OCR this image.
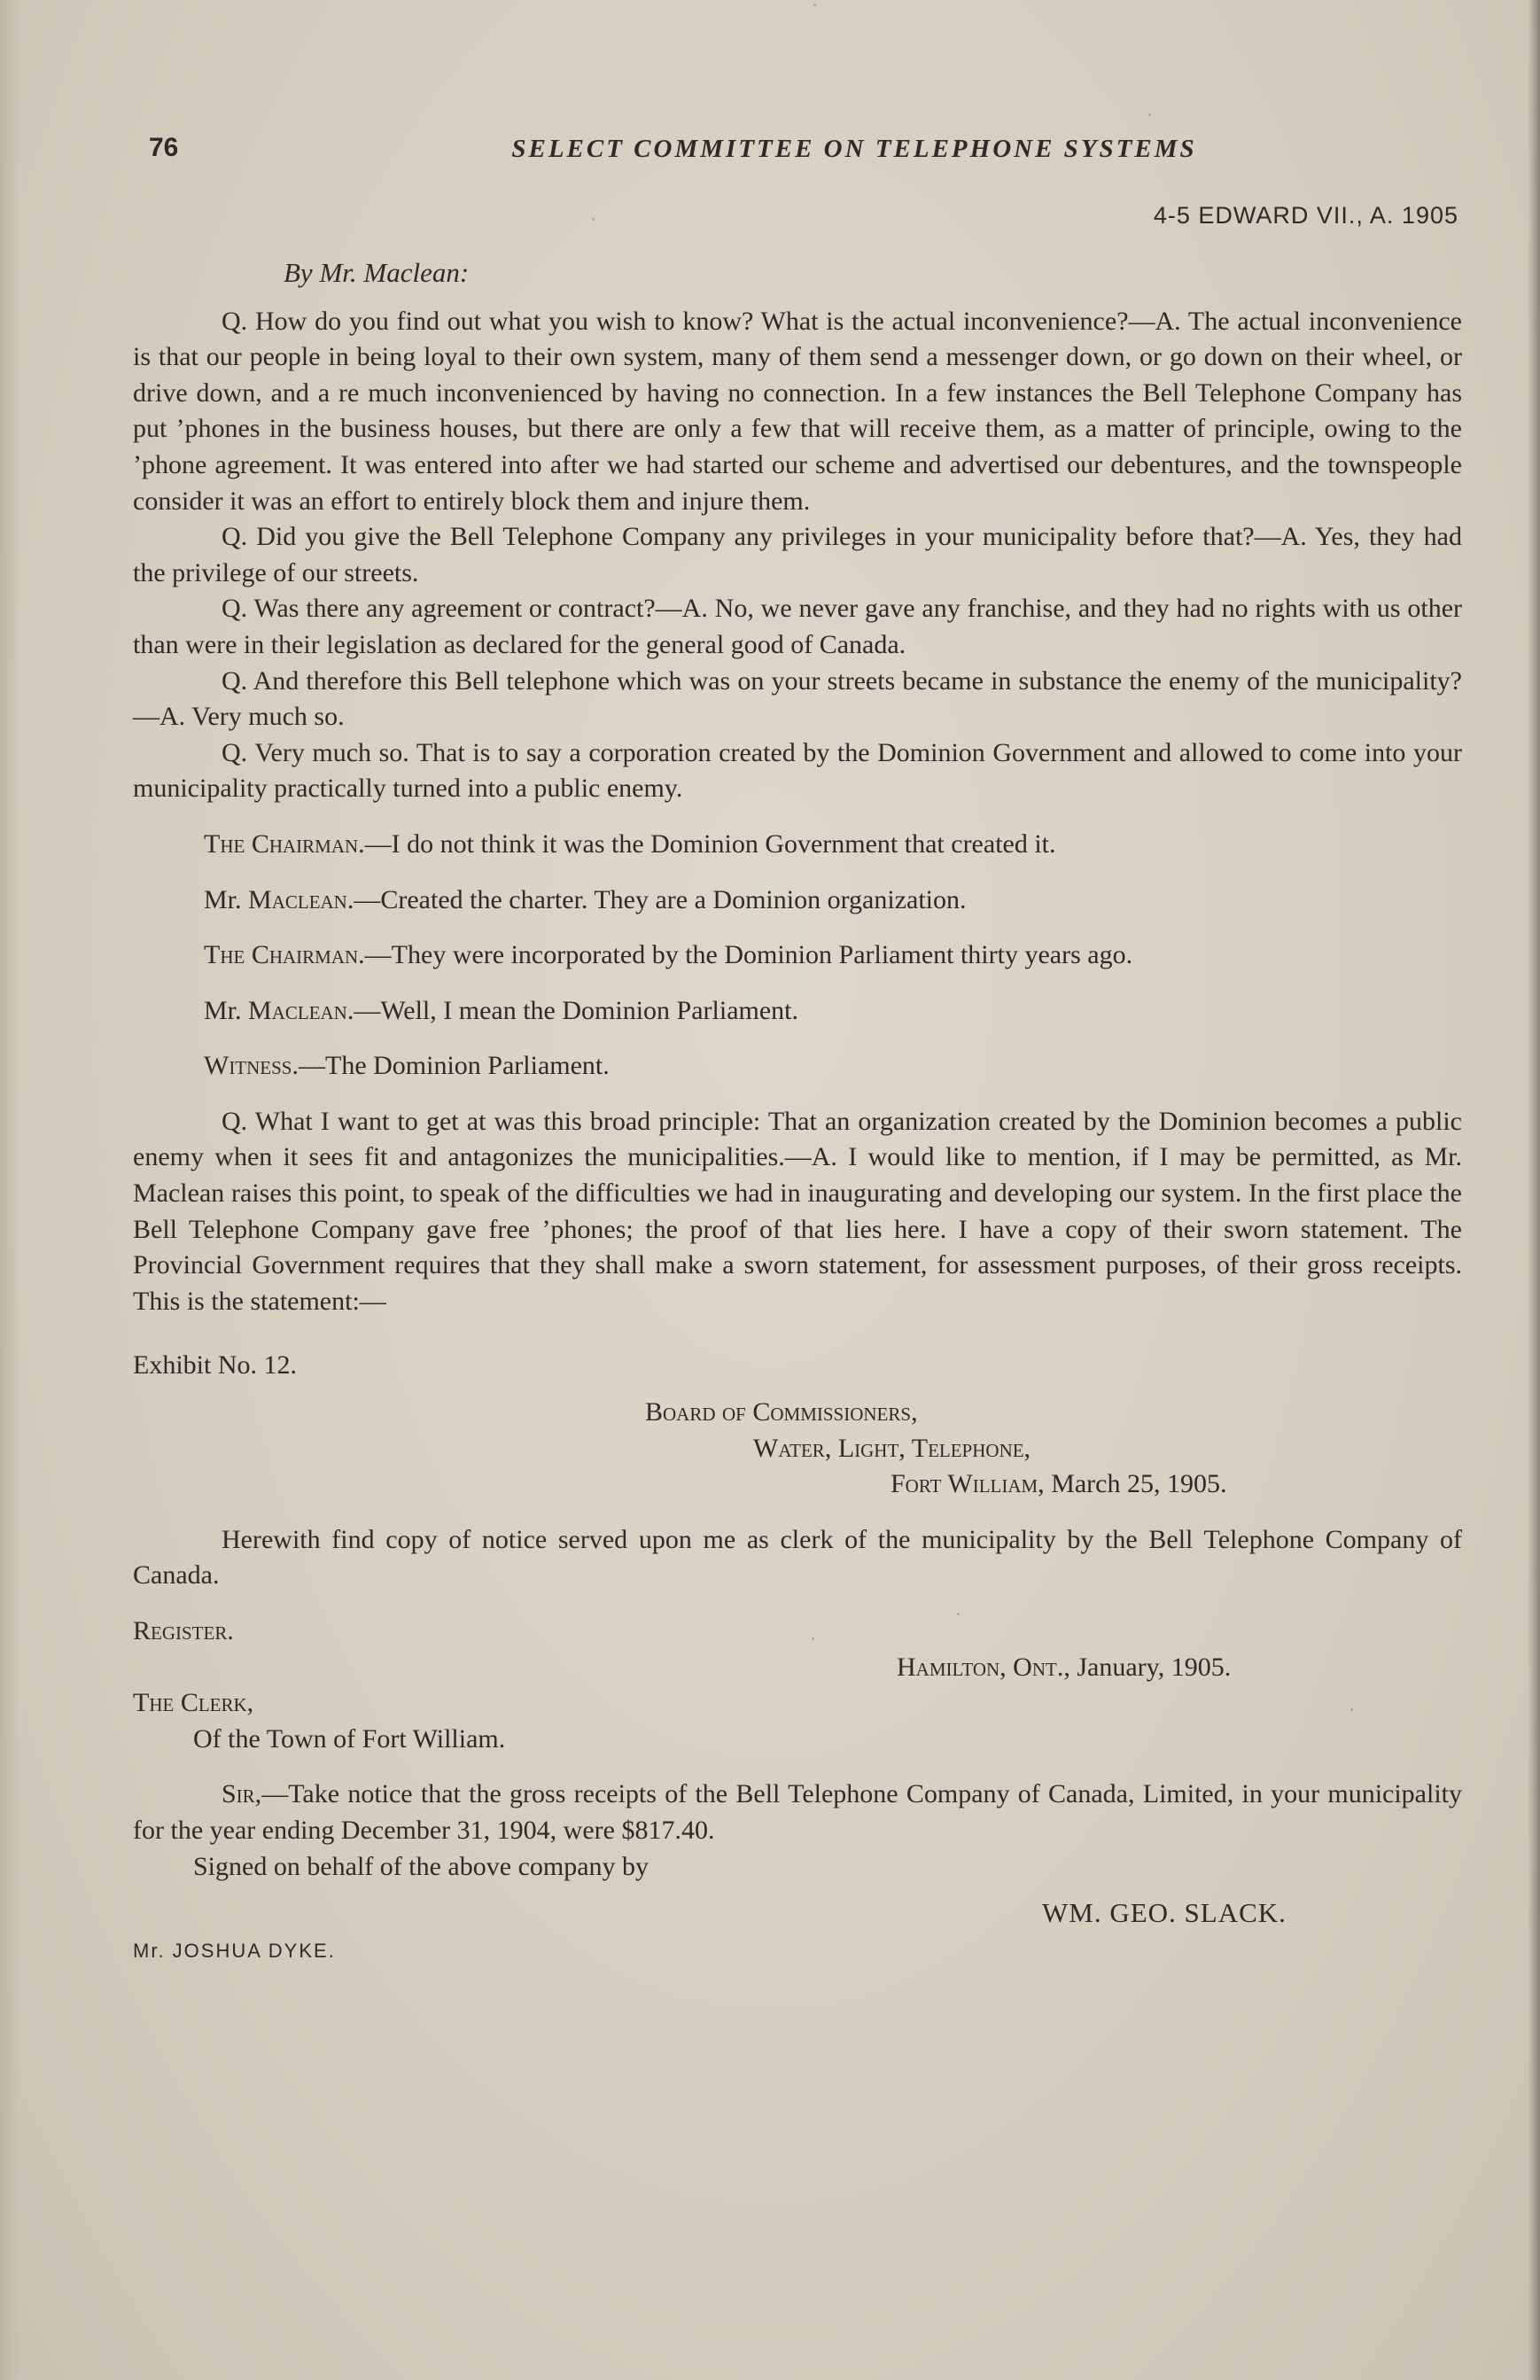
76	SELECT COMMITTEE ON TELEPHONE SYSTEMS
4-5 EDWARD VII., A. 1905

By Mr. Maclean:

Q. How do you find out what you wish to know? What is the actual inconvenience?—A. The actual inconvenience is that our people in being loyal to their own system, many of them send a messenger down, or go down on their wheel, or drive down, and a re much inconvenienced by having no connection. In a few instances the Bell Telephone Company has put ’phones in the business houses, but there are only a few that will receive them, as a matter of principle, owing to the ’phone agreement. It was entered into after we had started our scheme and advertised our debentures, and the townspeople consider it was an effort to entirely block them and injure them.

Q. Did you give the Bell Telephone Company any privileges in your municipality before that?—A. Yes, they had the privilege of our streets.

Q. Was there any agreement or contract?—A. No, we never gave any franchise, and they had no rights with us other than were in their legislation as declared for the general good of Canada.

Q. And therefore this Bell telephone which was on your streets became in substance the enemy of the municipality?—A. Very much so.

Q. Very much so. That is to say a corporation created by the Dominion Government and allowed to come into your municipality practically turned into a public enemy.

The Chairman.—I do not think it was the Dominion Government that created it.

Mr. Maclean.—Created the charter. They are a Dominion organization.

The Chairman.—They were incorporated by the Dominion Parliament thirty years ago.

Mr. Maclean.—Well, I mean the Dominion Parliament.

Witness.—The Dominion Parliament.

Q. What I want to get at was this broad principle: That an organization created by the Dominion becomes a public enemy when it sees fit and antagonizes the municipalities.—A. I would like to mention, if I may be permitted, as Mr. Maclean raises this point, to speak of the difficulties we had in inaugurating and developing our system. In the first place the Bell Telephone Company gave free ’phones; the proof of that lies here. I have a copy of their sworn statement. The Provincial Government requires that they shall make a sworn statement, for assessment purposes, of their gross receipts. This is the statement:—

Exhibit No. 12.

Board of Commissioners,

Water, Light, Telephone,

Fort William, March 25, 1905.

Herewith find copy of notice served upon me as clerk of the municipality by the Bell Telephone Company of Canada.

Register.

Hamilton, Ont., January, 1905.

The Clerk,

Of the Town of Fort William.

Sir,—Take notice that the gross receipts of the Bell Telephone Company of Canada, Limited, in your municipality for the year ending December 31, 1904, were $817.40.

Signed on behalf of the above company by

WM. GEO. SLACK.

Mr. JOSHUA DYKE.
